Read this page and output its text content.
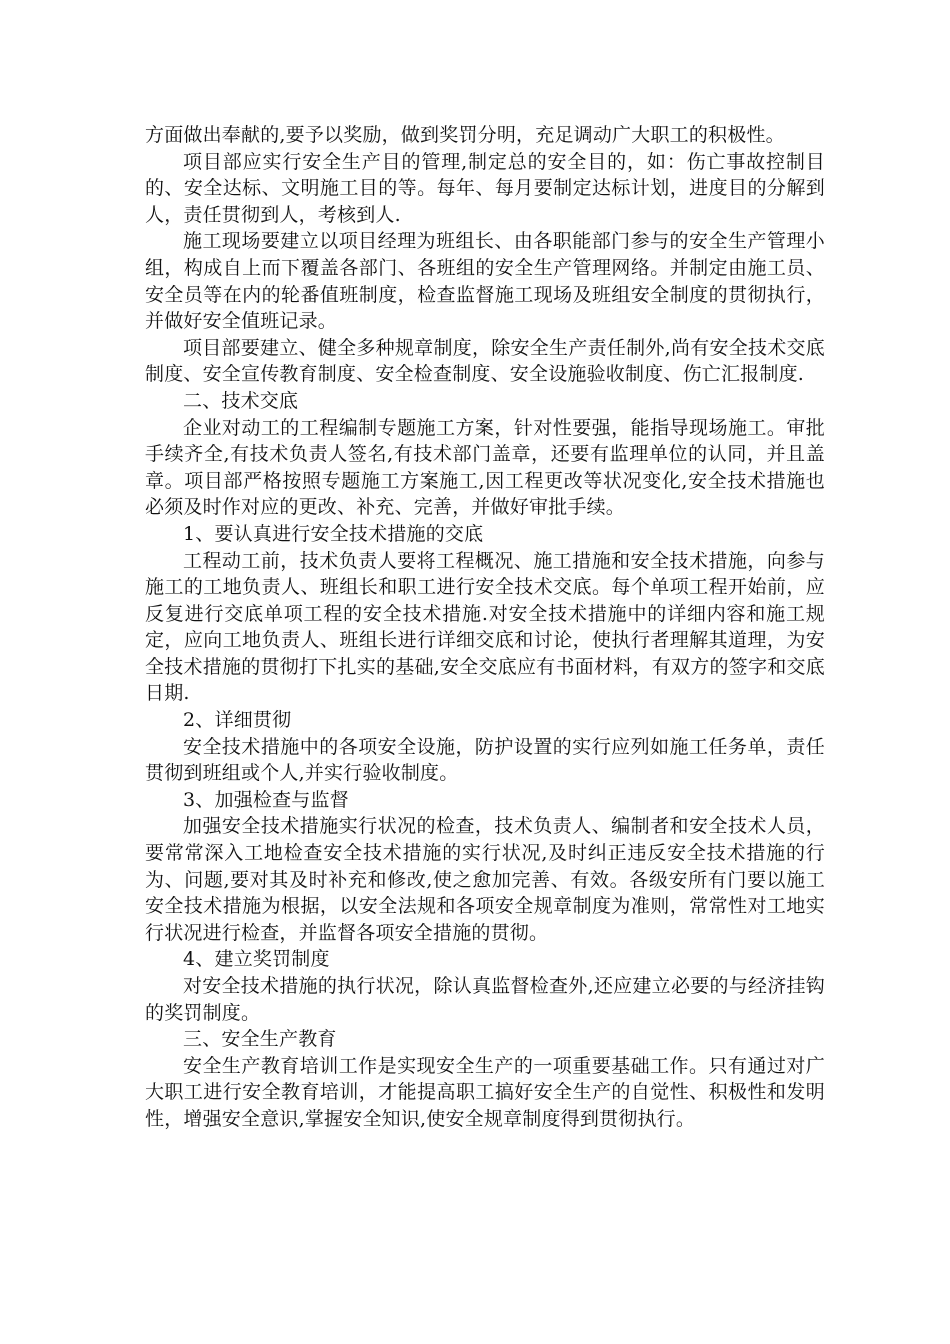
方面做出奉献的,要予以奖励，做到奖罚分明，充足调动广大职工的积极性。

项目部应实行安全生产目的管理,制定总的安全目的，如：伤亡事故控制目的、安全达标、文明施工目的等。每年、每月要制定达标计划，进度目的分解到人，责任贯彻到人，考核到人.

施工现场要建立以项目经理为班组长、由各职能部门参与的安全生产管理小组，构成自上而下覆盖各部门、各班组的安全生产管理网络。并制定由施工员、安全员等在内的轮番值班制度，检查监督施工现场及班组安全制度的贯彻执行，并做好安全值班记录。

项目部要建立、健全多种规章制度，除安全生产责任制外,尚有安全技术交底制度、安全宣传教育制度、安全检查制度、安全设施验收制度、伤亡汇报制度.

二、技术交底

企业对动工的工程编制专题施工方案，针对性要强，能指导现场施工。审批手续齐全,有技术负责人签名,有技术部门盖章，还要有监理单位的认同，并且盖章。项目部严格按照专题施工方案施工,因工程更改等状况变化,安全技术措施也必须及时作对应的更改、补充、完善，并做好审批手续。

1、要认真进行安全技术措施的交底

工程动工前，技术负责人要将工程概况、施工措施和安全技术措施，向参与施工的工地负责人、班组长和职工进行安全技术交底。每个单项工程开始前，应反复进行交底单项工程的安全技术措施.对安全技术措施中的详细内容和施工规定，应向工地负责人、班组长进行详细交底和讨论，使执行者理解其道理，为安全技术措施的贯彻打下扎实的基础,安全交底应有书面材料，有双方的签字和交底日期.

2、详细贯彻

安全技术措施中的各项安全设施，防护设置的实行应列如施工任务单，责任贯彻到班组或个人,并实行验收制度。

3、加强检查与监督

加强安全技术措施实行状况的检查，技术负责人、编制者和安全技术人员，要常常深入工地检查安全技术措施的实行状况,及时纠正违反安全技术措施的行为、问题,要对其及时补充和修改,使之愈加完善、有效。各级安所有门要以施工安全技术措施为根据，以安全法规和各项安全规章制度为准则，常常性对工地实行状况进行检查，并监督各项安全措施的贯彻。

4、建立奖罚制度

对安全技术措施的执行状况，除认真监督检查外,还应建立必要的与经济挂钩的奖罚制度。

三、安全生产教育

安全生产教育培训工作是实现安全生产的一项重要基础工作。只有通过对广大职工进行安全教育培训，才能提高职工搞好安全生产的自觉性、积极性和发明性，增强安全意识,掌握安全知识,使安全规章制度得到贯彻执行。
